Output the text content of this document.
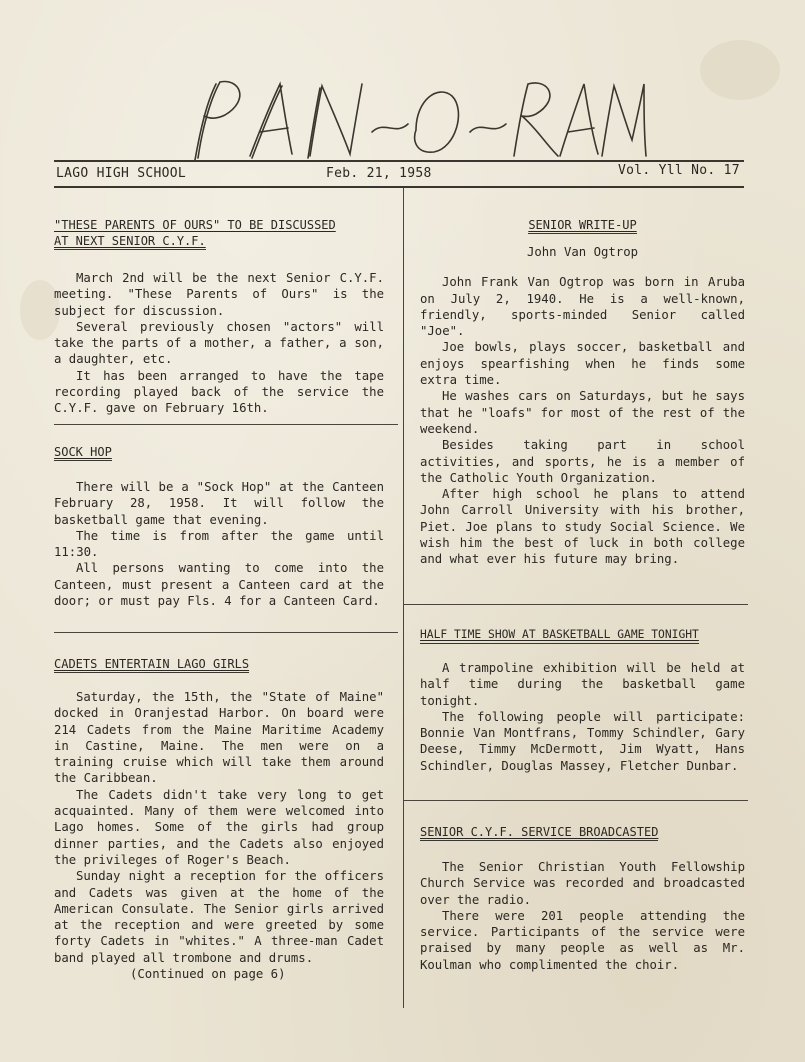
LAGO HIGH SCHOOL	Feb. 21, 1958	Vol. Yll No. 17
"THESE PARENTS OF OURS" TO BE DISCUSSED
AT NEXT SENIOR C.Y.F.

March 2nd will be the next Senior C.Y.F. meeting. "These Parents of Ours" is the subject for discussion.

Several previously chosen "actors" will take the parts of a mother, a father, a son, a daughter, etc.

It has been arranged to have the tape recording played back of the service the C.Y.F. gave on February 16th.

SOCK HOP

There will be a "Sock Hop" at the Canteen February 28, 1958. It will follow the basketball game that evening.

The time is from after the game until 11:30.

All persons wanting to come into the Canteen, must present a Canteen card at the door; or must pay Fls. 4 for a Canteen Card.

CADETS ENTERTAIN LAGO GIRLS

Saturday, the 15th, the "State of Maine" docked in Oranjestad Harbor. On board were 214 Cadets from the Maine Maritime Academy in Castine, Maine. The men were on a training cruise which will take them around the Caribbean.

The Cadets didn't take very long to get acquainted. Many of them were welcomed into Lago homes. Some of the girls had group dinner parties, and the Cadets also enjoyed the privileges of Roger's Beach.

Sunday night a reception for the officers and Cadets was given at the home of the American Consulate. The Senior girls arrived at the reception and were greeted by some forty Cadets in "whites." A three-man Cadet band played all trombone and drums.

(Continued on page 6)
SENIOR WRITE-UP
John Van Ogtrop

John Frank Van Ogtrop was born in Aruba on July 2, 1940. He is a well-known, friendly, sports-minded Senior called "Joe".

Joe bowls, plays soccer, basketball and enjoys spearfishing when he finds some extra time.

He washes cars on Saturdays, but he says that he "loafs" for most of the rest of the weekend.

Besides taking part in school activities, and sports, he is a member of the Catholic Youth Organization.

After high school he plans to attend John Carroll University with his brother, Piet. Joe plans to study Social Science. We wish him the best of luck in both college and what ever his future may bring.

HALF TIME SHOW AT BASKETBALL GAME TONIGHT

A trampoline exhibition will be held at half time during the basketball game tonight.

The following people will participate: Bonnie Van Montfrans, Tommy Schindler, Gary Deese, Timmy McDermott, Jim Wyatt, Hans Schindler, Douglas Massey, Fletcher Dunbar.

SENIOR C.Y.F. SERVICE BROADCASTED

The Senior Christian Youth Fellowship Church Service was recorded and broadcasted over the radio.

There were 201 people attending the service. Participants of the service were praised by many people as well as Mr. Koulman who complimented the choir.
